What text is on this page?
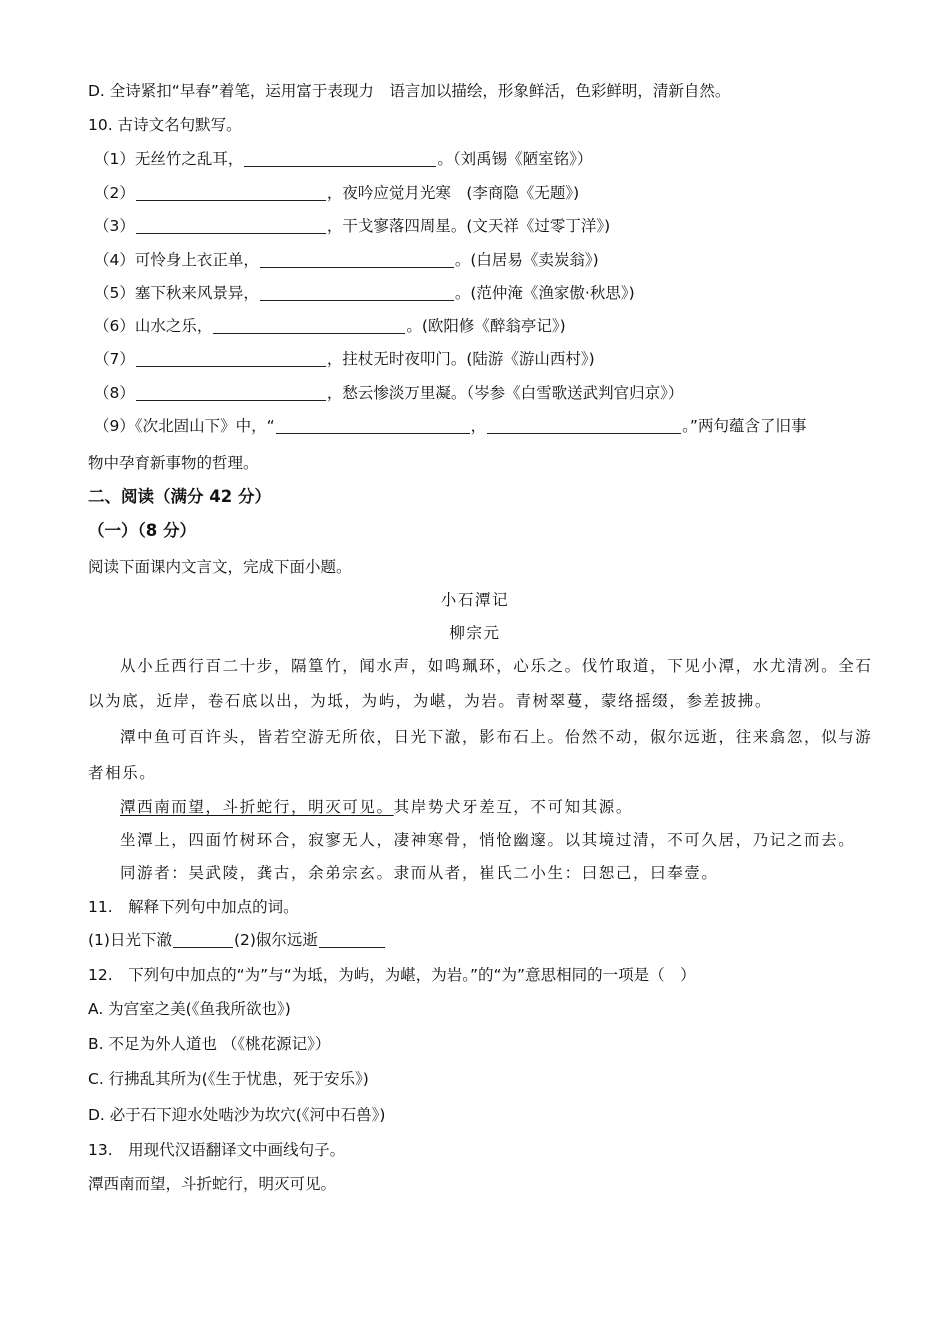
D. 全诗紧扣“早春”着笔，运用富于表现力　语言加以描绘，形象鲜活，色彩鲜明，清新自然。
10. 古诗文名句默写。
（1）无丝竹之乱耳，	。（刘禹锡《陋室铭》）
（2）	，夜吟应觉月光寒　(李商隐《无题》)
（3）	，干戈寥落四周星。(文天祥《过零丁洋》)
（4）可怜身上衣正单，	。(白居易《卖炭翁》)
（5）塞下秋来风景异，	。(范仲淹《渔家傲·秋思》)
（6）山水之乐，	。(欧阳修《醉翁亭记》)
（7）	，拄杖无时夜叩门。(陆游《游山西村》)
（8）	，愁云惨淡万里凝。（岑参《白雪歌送武判官归京》）
（9）《次北固山下》中，“	，	。”两句蕴含了旧事
物中孕育新事物的哲理。
二、阅读（满分 42 分）
（一）（8 分）
阅读下面课内文言文，完成下面小题。
小石潭记
柳宗元
从小丘西行百二十步，隔篁竹，闻水声，如鸣珮环，心乐之。伐竹取道，下见小潭，水尤清冽。全石
以为底，近岸，卷石底以出，为坻，为屿，为嵁，为岩。青树翠蔓，蒙络摇缀，参差披拂。
潭中鱼可百许头，皆若空游无所依，日光下澈，影布石上。佁然不动，俶尔远逝，往来翕忽，似与游
者相乐。
潭西南而望，斗折蛇行，明灭可见。其岸势犬牙差互，不可知其源。
坐潭上，四面竹树环合，寂寥无人，凄神寒骨，悄怆幽邃。以其境过清，不可久居，乃记之而去。
同游者：吴武陵，龚古，余弟宗玄。隶而从者，崔氏二小生：曰恕己，曰奉壹。
11.　解释下列句中加点的词。
(1)日光下澈	(2)俶尔远逝
12.　下列句中加点的“为”与“为坻，为屿，为嵁，为岩。”的“为”意思相同的一项是（　）
A. 为宫室之美(《鱼我所欲也》)
B. 不足为外人道也 （《桃花源记》）
C. 行拂乱其所为(《生于忧患，死于安乐》)
D. 必于石下迎水处啮沙为坎穴(《河中石兽》)
13.　用现代汉语翻译文中画线句子。
潭西南而望，斗折蛇行，明灭可见。
